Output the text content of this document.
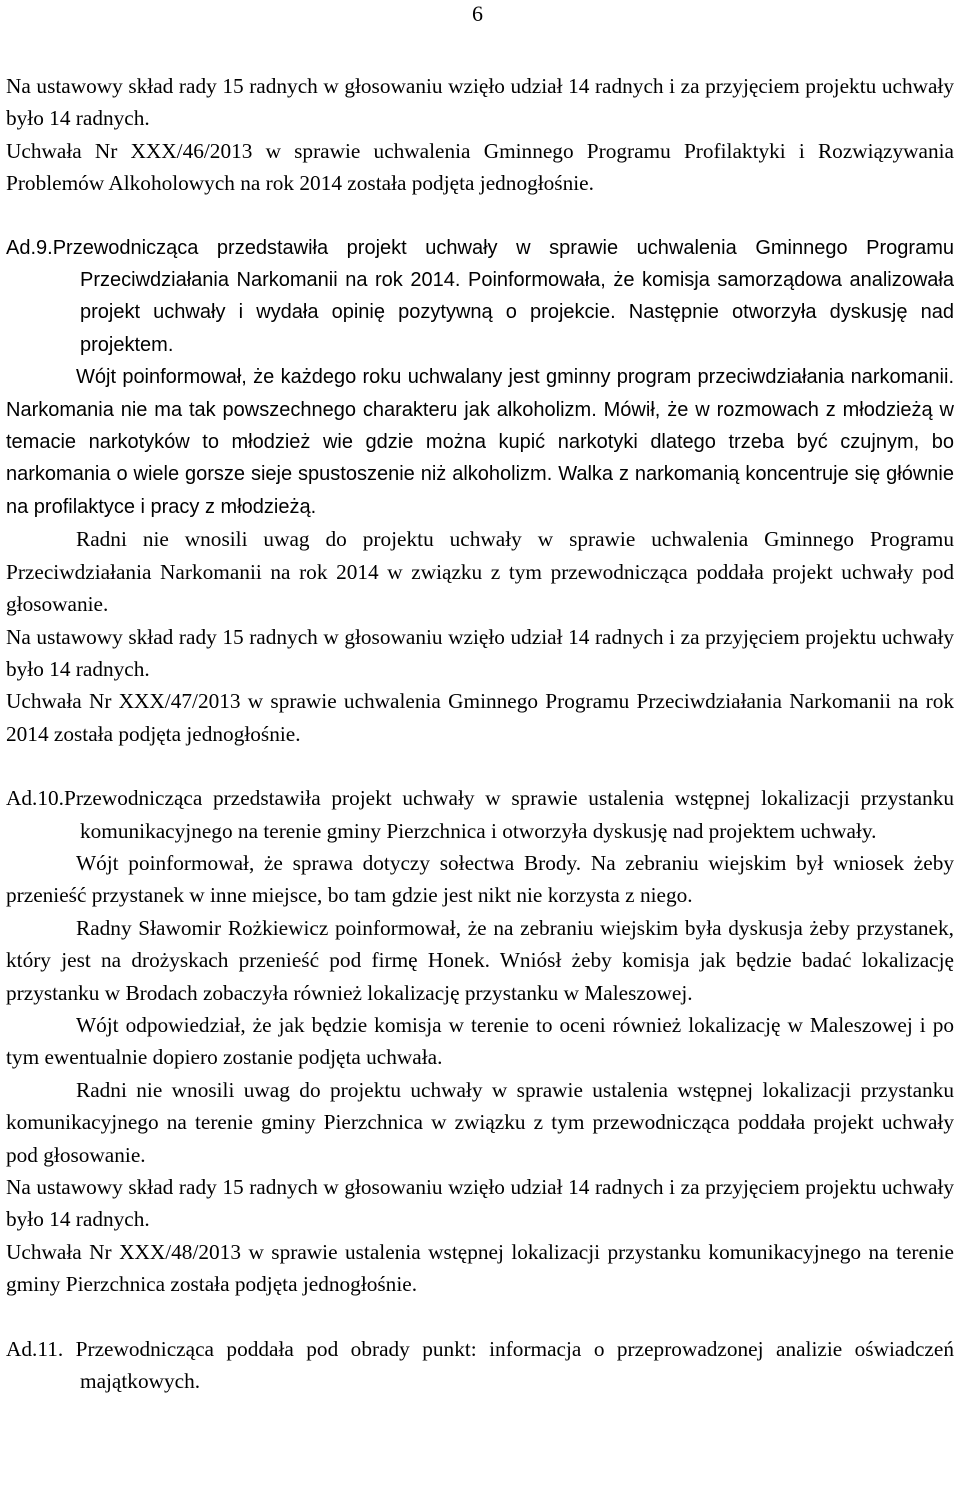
6

Na ustawowy skład rady 15 radnych w głosowaniu wzięło udział 14 radnych i za przyjęciem projektu uchwały było 14 radnych.

Uchwała Nr XXX/46/2013 w sprawie uchwalenia Gminnego Programu Profilaktyki i Rozwiązywania Problemów Alkoholowych na rok 2014 została podjęta jednogłośnie.

Ad.9.Przewodnicząca przedstawiła projekt uchwały w sprawie uchwalenia Gminnego Programu Przeciwdziałania Narkomanii na rok 2014. Poinformowała, że komisja samorządowa analizowała projekt uchwały i wydała opinię pozytywną o projekcie. Następnie otworzyła dyskusję nad projektem.

Wójt poinformował, że każdego roku uchwalany jest gminny program przeciwdziałania narkomanii. Narkomania nie ma tak powszechnego charakteru jak alkoholizm. Mówił, że w rozmowach z młodzieżą w temacie narkotyków to młodzież wie gdzie można kupić narkotyki dlatego trzeba być czujnym, bo narkomania o wiele gorsze sieje spustoszenie niż alkoholizm. Walka z narkomanią koncentruje się głównie na profilaktyce i pracy z młodzieżą.

Radni nie wnosili uwag do projektu uchwały w sprawie uchwalenia Gminnego Programu Przeciwdziałania Narkomanii na rok 2014 w związku z tym przewodnicząca poddała projekt uchwały pod głosowanie.

Na ustawowy skład rady 15 radnych w głosowaniu wzięło udział 14 radnych i za przyjęciem projektu uchwały było 14 radnych.

Uchwała Nr XXX/47/2013 w sprawie uchwalenia Gminnego Programu Przeciwdziałania Narkomanii na rok 2014 została podjęta jednogłośnie.

Ad.10.Przewodnicząca przedstawiła projekt uchwały w sprawie ustalenia wstępnej lokalizacji przystanku komunikacyjnego na terenie gminy Pierzchnica i otworzyła dyskusję nad projektem uchwały.

Wójt poinformował, że sprawa dotyczy sołectwa Brody. Na zebraniu wiejskim był wniosek żeby przenieść przystanek w inne miejsce, bo tam gdzie jest nikt nie korzysta z niego.

Radny Sławomir Rożkiewicz poinformował, że na zebraniu wiejskim była dyskusja żeby przystanek, który jest na drożyskach przenieść pod firmę Honek. Wniósł żeby komisja jak będzie badać lokalizację przystanku w Brodach zobaczyła również lokalizację przystanku w Maleszowej.

Wójt odpowiedział, że jak będzie komisja w terenie to oceni również lokalizację w Maleszowej i po tym ewentualnie dopiero zostanie podjęta uchwała.

Radni nie wnosili uwag do projektu uchwały w sprawie ustalenia wstępnej lokalizacji przystanku komunikacyjnego na terenie gminy Pierzchnica w związku z tym przewodnicząca poddała projekt uchwały pod głosowanie.

Na ustawowy skład rady 15 radnych w głosowaniu wzięło udział 14 radnych i za przyjęciem projektu uchwały było 14 radnych.

Uchwała Nr XXX/48/2013 w sprawie ustalenia wstępnej lokalizacji przystanku komunikacyjnego na terenie gminy Pierzchnica została podjęta jednogłośnie.

Ad.11. Przewodnicząca poddała pod obrady punkt: informacja o przeprowadzonej analizie oświadczeń majątkowych.
